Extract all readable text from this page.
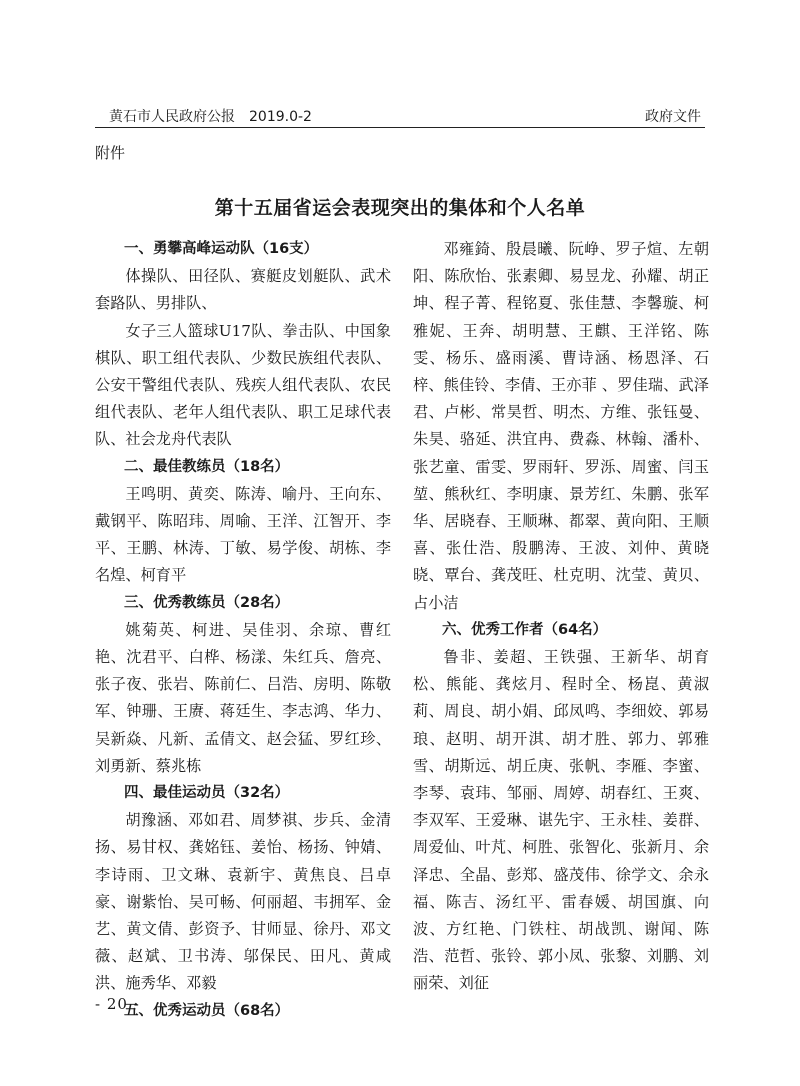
黄石市人民政府公报　2019.0-2	政府文件
附件
第十五届省运会表现突出的集体和个人名单

一、勇攀高峰运动队（16支）

体操队、田径队、赛艇皮划艇队、武术套路队、男排队、

女子三人篮球U17队、拳击队、中国象棋队、职工组代表队、少数民族组代表队、公安干警组代表队、残疾人组代表队、农民组代表队、老年人组代表队、职工足球代表队、社会龙舟代表队

二、最佳教练员（18名）

王鸣明、黄奕、陈涛、喻丹、王向东、戴钢平、陈昭玮、周喻、王洋、江智开、李平、王鹏、林涛、丁敏、易学俊、胡栋、李名煌、柯育平

三、优秀教练员（28名）

姚菊英、柯进、吴佳羽、余琼、曹红艳、沈君平、白桦、杨漾、朱红兵、詹亮、张子夜、张岩、陈前仁、吕浩、房明、陈敬军、钟珊、王赓、蒋廷生、李志鸿、华力、吴新焱、凡新、孟倩文、赵会猛、罗红珍、刘勇新、蔡兆栋

四、最佳运动员（32名）

胡豫涵、邓如君、周梦祺、步兵、金清扬、易甘权、龚姳钰、姜怡、杨扬、钟婧、李诗雨、卫文琳、袁新宇、黄焦良、吕卓豪、谢紫怡、吴可畅、何丽超、韦拥军、金艺、黄文倩、彭资予、甘师显、徐丹、邓文薇、赵斌、卫书涛、邬保民、田凡、黄咸洪、施秀华、邓毅

五、优秀运动员（68名）

邓雍錡、殷晨曦、阮峥、罗子煊、左朝阳、陈欣怡、张素卿、易昱龙、孙耀、胡正坤、程子菁、程铭夏、张佳慧、李馨璇、柯雅妮、王奔、胡明慧、王麒、王洋铭、陈雯、杨乐、盛雨溪、曹诗涵、杨恩泽、石梓、熊佳铃、李倩、王亦菲 、罗佳瑞、武泽君、卢彬、常昊哲、明杰、方维、张钰曼、朱昊、骆延、洪宜冉、费淼、林翰、潘朴、张艺童、雷雯、罗雨轩、罗泺、周蜜、闫玉堃、熊秋红、李明康、景芳红、朱鹏、张军华、居晓春、王顺琳、都翠、黄向阳、王顺喜、张仕浩、殷鹏涛、王波、刘仲、黄晓晓、覃台、龚茂旺、杜克明、沈莹、黄贝、占小洁

六、优秀工作者（64名）

鲁非、姜超、王铁强、王新华、胡育松、熊能、龚炫月、程时全、杨崑、黄淑莉、周良、胡小娟、邱凤鸣、李细姣、郭易琅、赵明、胡开淇、胡才胜、郭力、郭雅雪、胡斯远、胡丘庚、张帆、李雁、李蜜、李琴、袁玮、邹丽、周婷、胡春红、王爽、李双军、王爱琳、谌先宇、王永桂、姜群、周爱仙、叶芃、柯胜、张智化、张新月、余泽忠、全晶、彭郑、盛茂伟、徐学文、余永福、陈吉、汤红平、雷春媛、胡国旗、向波、方红艳、门铁柱、胡战凯、谢闻、陈浩、范哲、张铃、郭小凤、张黎、刘鹏、刘丽荣、刘征

- 20 -
